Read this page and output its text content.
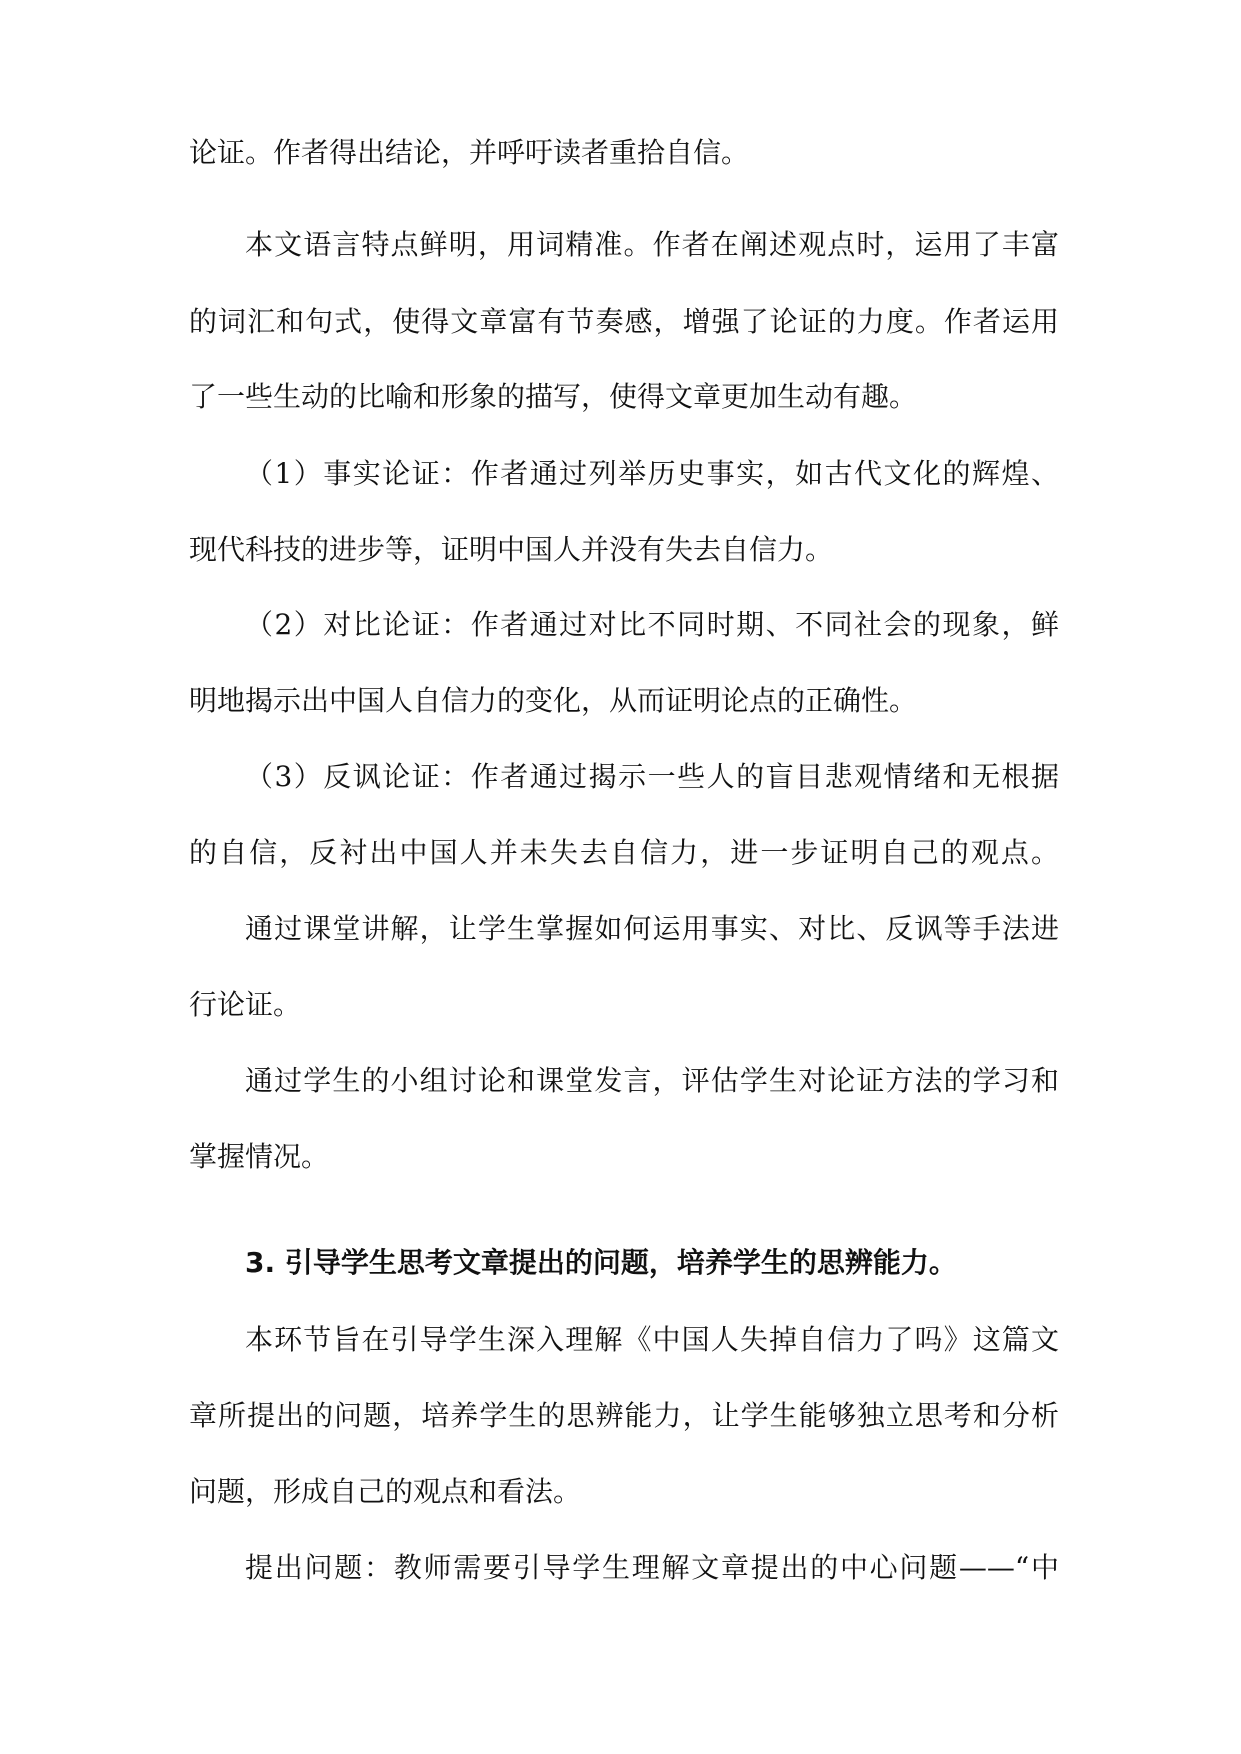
论证。作者得出结论，并呼吁读者重拾自信。
本文语言特点鲜明，用词精准。作者在阐述观点时，运用了丰富
的词汇和句式，使得文章富有节奏感，增强了论证的力度。作者运用
了一些生动的比喻和形象的描写，使得文章更加生动有趣。
（1）事实论证：作者通过列举历史事实，如古代文化的辉煌、
现代科技的进步等，证明中国人并没有失去自信力。
（2）对比论证：作者通过对比不同时期、不同社会的现象，鲜
明地揭示出中国人自信力的变化，从而证明论点的正确性。
（3）反讽论证：作者通过揭示一些人的盲目悲观情绪和无根据
的自信，反衬出中国人并未失去自信力，进一步证明自己的观点。
通过课堂讲解，让学生掌握如何运用事实、对比、反讽等手法进
行论证。
通过学生的小组讨论和课堂发言，评估学生对论证方法的学习和
掌握情况。
3. 引导学生思考文章提出的问题，培养学生的思辨能力。
本环节旨在引导学生深入理解《中国人失掉自信力了吗》这篇文
章所提出的问题，培养学生的思辨能力，让学生能够独立思考和分析
问题，形成自己的观点和看法。
提出问题：教师需要引导学生理解文章提出的中心问题——“中
